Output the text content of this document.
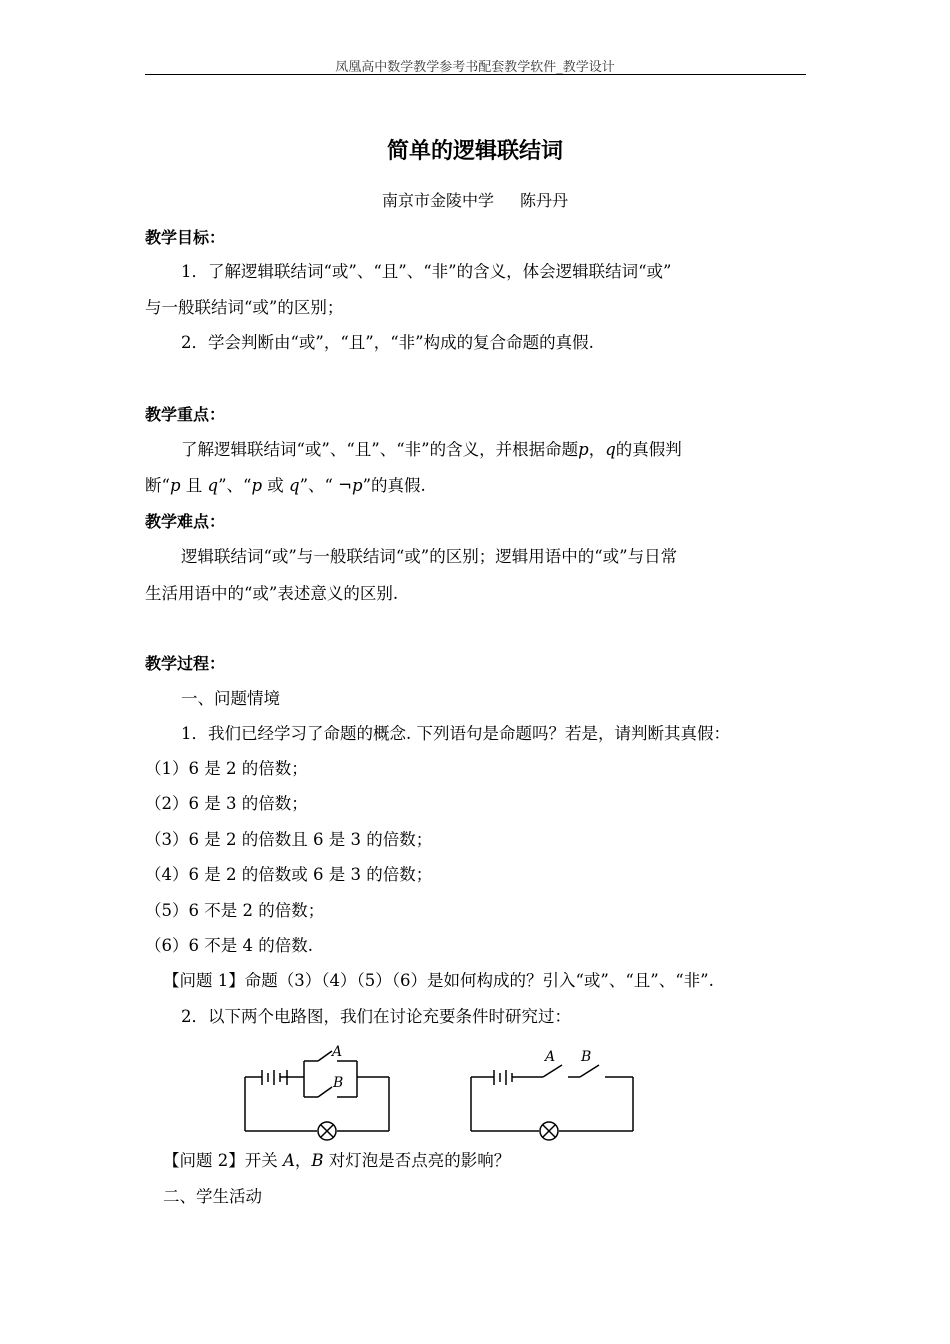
凤凰高中数学教学参考书配套教学软件_教学设计
简单的逻辑联结词
南京市金陵中学 陈丹丹
教学目标：
1．了解逻辑联结词“或”、“且”、“非”的含义，体会逻辑联结词“或”
与一般联结词“或”的区别；
2．学会判断由“或”，“且”，“非”构成的复合命题的真假.
教学重点：
了解逻辑联结词“或”、“且”、“非”的含义，并根据命题p，q的真假判
断“p 且 q”、“p 或 q”、“ ¬p”的真假.
教学难点：
逻辑联结词“或”与一般联结词“或”的区别；逻辑用语中的“或”与日常
生活用语中的“或”表述意义的区别.
教学过程：
一、问题情境
1．我们已经学习了命题的概念. 下列语句是命题吗？若是，请判断其真假：
（1）6 是 2 的倍数；
（2）6 是 3 的倍数；
（3）6 是 2 的倍数且 6 是 3 的倍数；
（4）6 是 2 的倍数或 6 是 3 的倍数；
（5）6 不是 2 的倍数；
（6）6 不是 4 的倍数.
【问题 1】命题（3）（4）（5）（6）是如何构成的？引入“或”、“且”、“非”.
2．以下两个电路图，我们在讨论充要条件时研究过：
A
B
A B
【问题 2】开关 A，B 对灯泡是否点亮的影响？
二、学生活动
